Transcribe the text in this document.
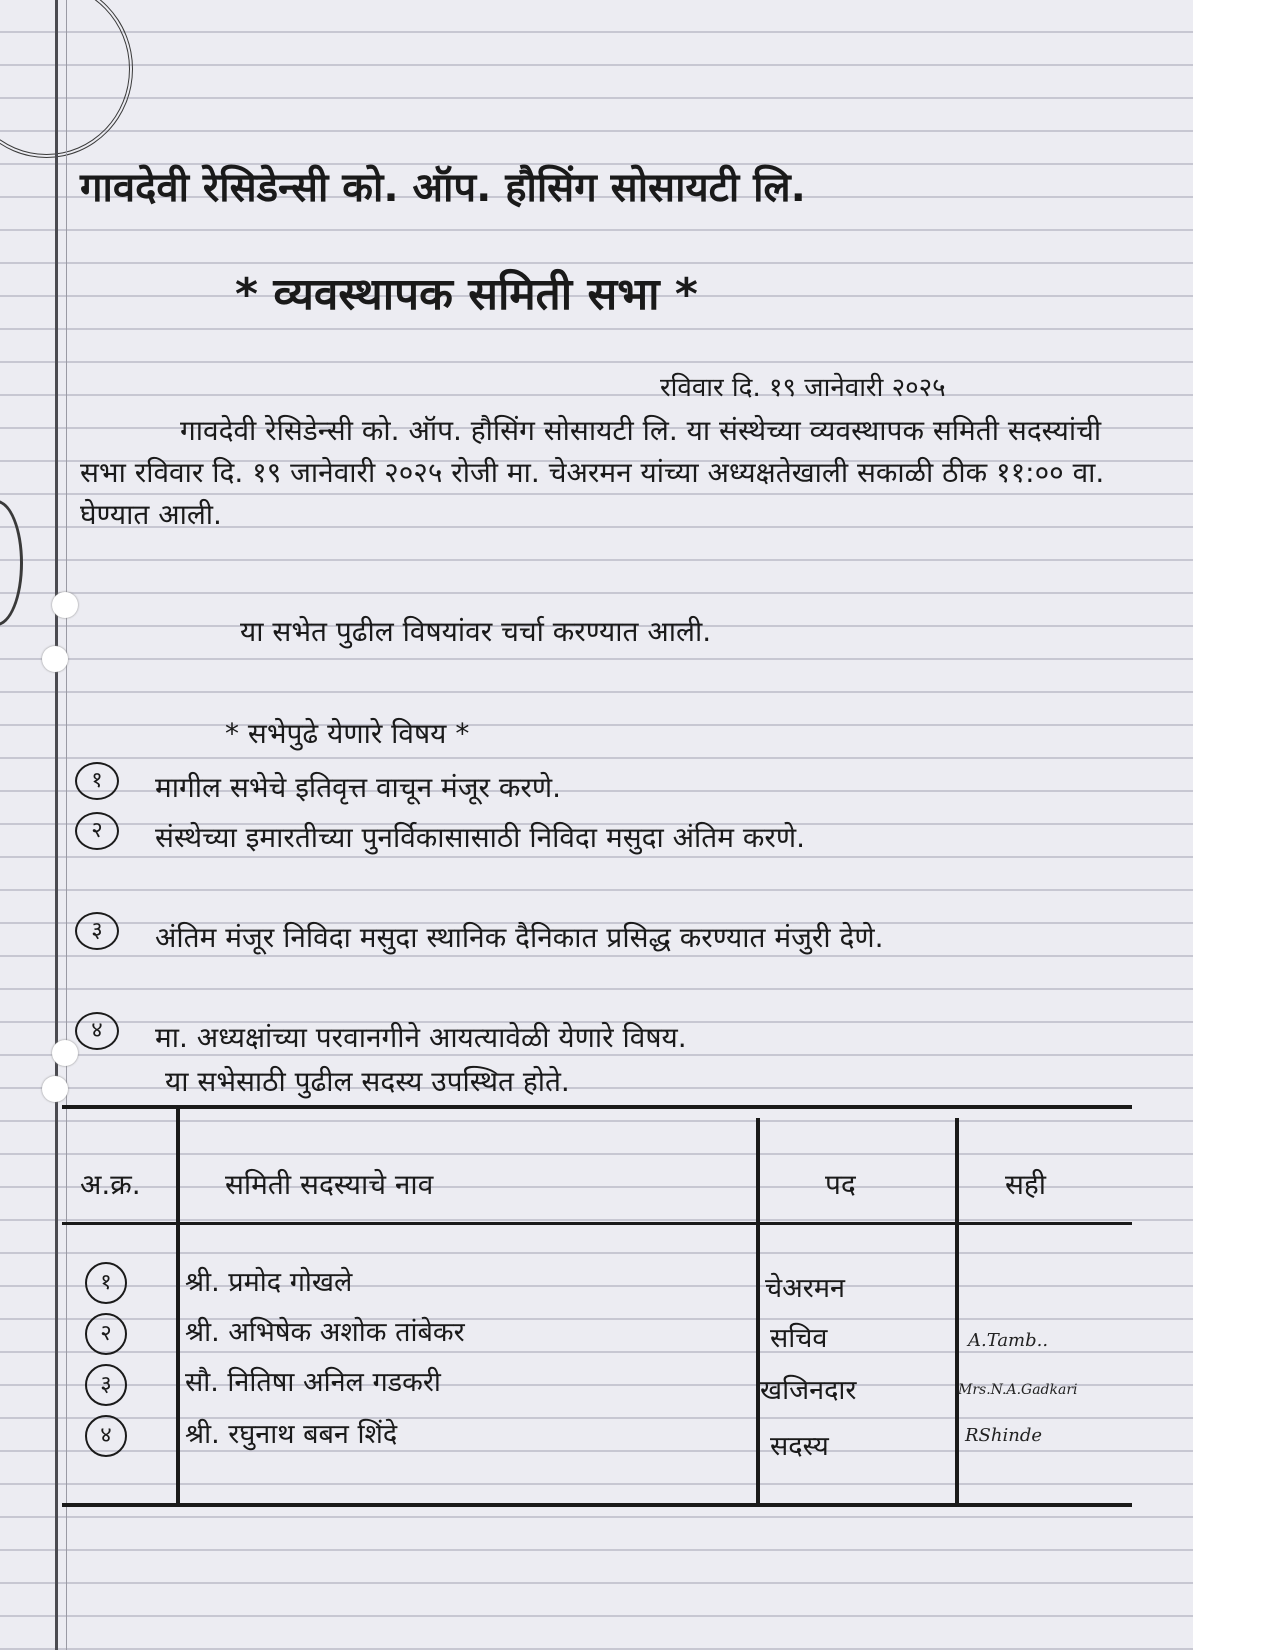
गावदेवी रेसिडेन्सी को. ऑप. हौसिंग सोसायटी लि.
* व्यवस्थापक समिती सभा *
रविवार दि. १९ जानेवारी २०२५
गावदेवी रेसिडेन्सी को. ऑप. हौसिंग सोसायटी लि. या संस्थेच्या व्यवस्थापक समिती सदस्यांची सभा रविवार दि. १९ जानेवारी २०२५ रोजी मा. चेअरमन यांच्या अध्यक्षतेखाली सकाळी ठीक ११:०० वा. घेण्यात आली.
या सभेत पुढील विषयांवर चर्चा करण्यात आली.
* सभेपुढे येणारे विषय *
१	मागील सभेचे इतिवृत्त वाचून मंजूर करणे.
२	संस्थेच्या इमारतीच्या पुनर्विकासासाठी निविदा मसुदा अंतिम करणे.
३	अंतिम मंजूर निविदा मसुदा स्थानिक दैनिकात प्रसिद्ध करण्यात मंजुरी देणे.
४	मा. अध्यक्षांच्या परवानगीने आयत्यावेळी येणारे विषय.
या सभेसाठी पुढील सदस्य उपस्थित होते.
अ.क्र.	समिती सदस्याचे नाव	पद	सही
१	श्री. प्रमोद गोखले	चेअरमन
२	श्री. अभिषेक अशोक तांबेकर	सचिव	A.Tamb..
३	सौ. नितिषा अनिल गडकरी	खजिनदार	Mrs.N.A.Gadkari
४	श्री. रघुनाथ बबन शिंदे	सदस्य	RShinde
